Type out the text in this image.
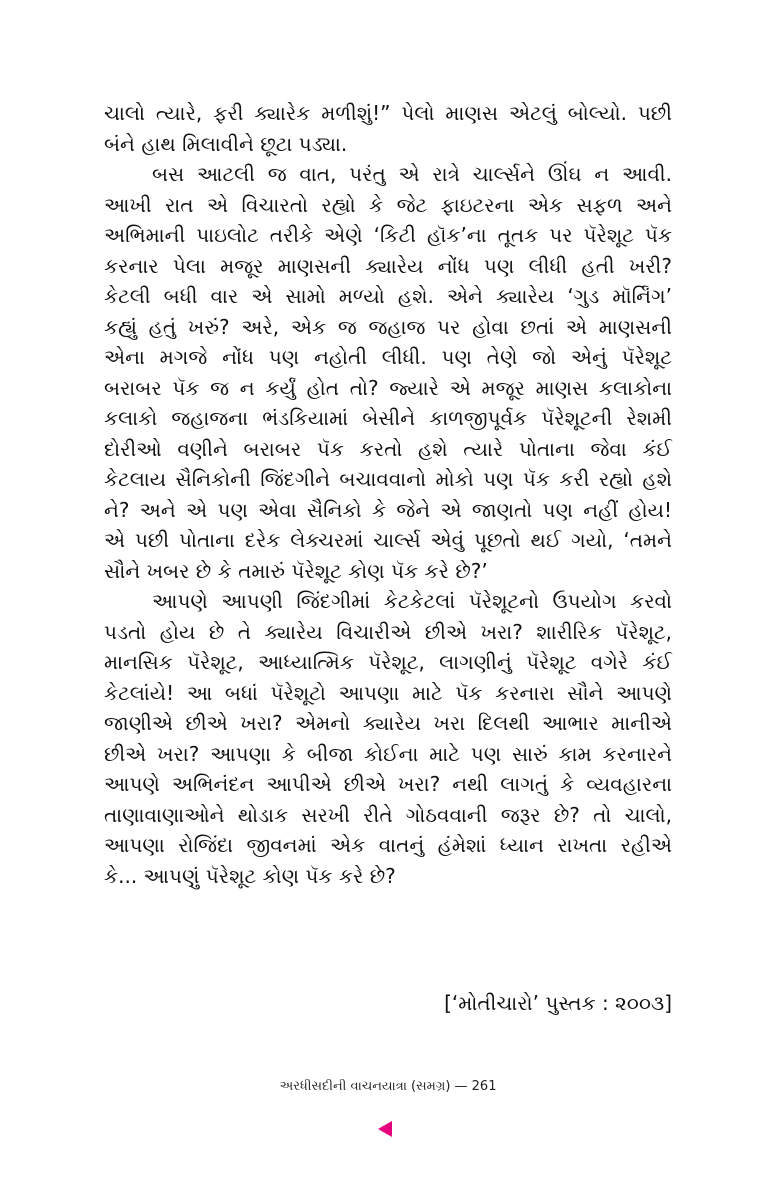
ચાલો ત્યારે, ફરી ક્યારેક મળીશું!” પેલો માણસ એટલું બોલ્યો. પછી
બંને હાથ મિલાવીને છૂટા પડ્યા.
બસ આટલી જ વાત, પરંતુ એ રાત્રે ચાર્લ્સને ઊંઘ ન આવી.
આખી રાત એ વિચારતો રહ્યો કે જેટ ફાઇટરના એક સફળ અને
અભિમાની પાઇલોટ તરીકે એણે ‘કિટી હૉક’ના તૂતક પર પૅરેશૂટ પૅક
કરનાર પેલા મજૂર માણસની ક્યારેય નોંધ પણ લીધી હતી ખરી?
કેટલી બધી વાર એ સામો મળ્યો હશે. એને ક્યારેય ‘ગુડ મૉર્નિંગ’
કહ્યું હતું ખરું? અરે, એક જ જહાજ પર હોવા છતાં એ માણસની
એના મગજે નોંધ પણ નહોતી લીધી. પણ તેણે જો એનું પૅરેશૂટ
બરાબર પૅક જ ન કર્યું હોત તો? જ્યારે એ મજૂર માણસ કલાકોના
કલાકો જહાજના ભંડકિયામાં બેસીને કાળજીપૂર્વક પૅરેશૂટની રેશમી
દોરીઓ વણીને બરાબર પૅક કરતો હશે ત્યારે પોતાના જેવા કંઈ
કેટલાય સૈનિકોની જિંદગીને બચાવવાનો મોકો પણ પૅક કરી રહ્યો હશે
ને? અને એ પણ એવા સૈનિકો કે જેને એ જાણતો પણ નહીં હોય!
એ પછી પોતાના દરેક લેક્ચરમાં ચાર્લ્સ એવું પૂછતો થઈ ગયો, ‘તમને
સૌને ખબર છે કે તમારું પૅરેશૂટ કોણ પૅક કરે છે?’
આપણે આપણી જિંદગીમાં કેટકેટલાં પૅરેશૂટનો ઉપયોગ કરવો
પડતો હોય છે તે ક્યારેય વિચારીએ છીએ ખરા? શારીરિક પૅરેશૂટ,
માનસિક પૅરેશૂટ, આધ્યાત્મિક પૅરેશૂટ, લાગણીનું પૅરેશૂટ વગેરે કંઈ
કેટલાંયે! આ બધાં પૅરેશૂટો આપણા માટે પૅક કરનારા સૌને આપણે
જાણીએ છીએ ખરા? એમનો ક્યારેય ખરા દિલથી આભાર માનીએ
છીએ ખરા? આપણા કે બીજા કોઈના માટે પણ સારું કામ કરનારને
આપણે અભિનંદન આપીએ છીએ ખરા? નથી લાગતું કે વ્યવહારના
તાણાવાણાઓને થોડાક સરખી રીતે ગોઠવવાની જરૂર છે? તો ચાલો,
આપણા રોજિંદા જીવનમાં એક વાતનું હંમેશાં ધ્યાન રાખતા રહીએ
કે... આપણું પૅરેશૂટ કોણ પૅક કરે છે?
[‘મોતીચારો’ પુસ્તક : ૨૦૦૩]
અરધીસદીની વાચનયાત્રા (સમગ્ર) — 261
